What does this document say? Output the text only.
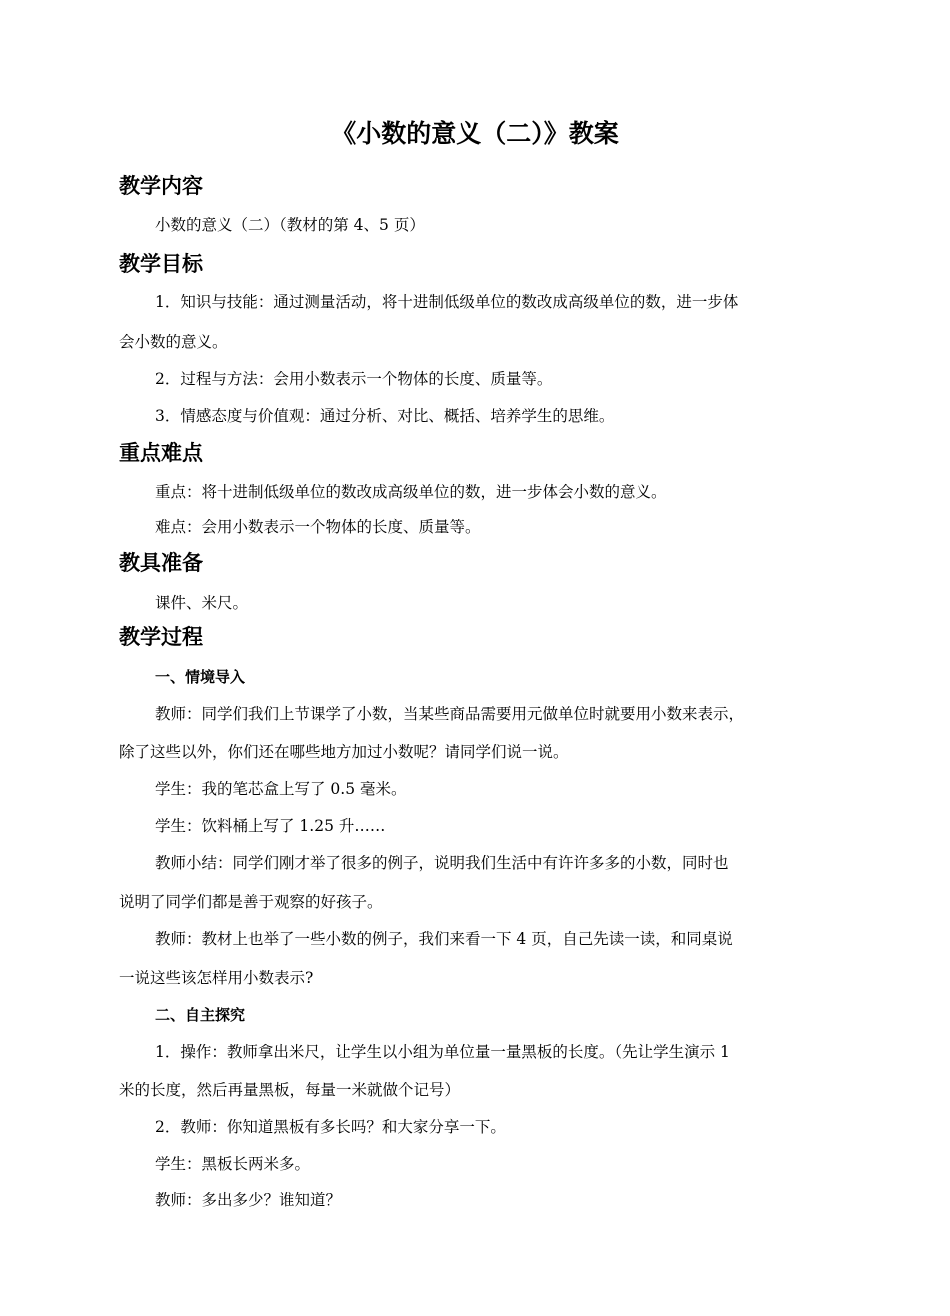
《小数的意义（二）》教案
教学内容
小数的意义（二）（教材的第 4、5 页）
教学目标
1．知识与技能：通过测量活动，将十进制低级单位的数改成高级单位的数，进一步体
会小数的意义。
2．过程与方法：会用小数表示一个物体的长度、质量等。
3．情感态度与价值观：通过分析、对比、概括、培养学生的思维。
重点难点
重点：将十进制低级单位的数改成高级单位的数，进一步体会小数的意义。
难点：会用小数表示一个物体的长度、质量等。
教具准备
课件、米尺。
教学过程
一、情境导入
教师：同学们我们上节课学了小数，当某些商品需要用元做单位时就要用小数来表示，
除了这些以外，你们还在哪些地方加过小数呢？请同学们说一说。
学生：我的笔芯盒上写了 0.5 毫米。
学生：饮料桶上写了 1.25 升……
教师小结：同学们刚才举了很多的例子，说明我们生活中有许许多多的小数，同时也
说明了同学们都是善于观察的好孩子。
教师：教材上也举了一些小数的例子，我们来看一下 4 页，自己先读一读，和同桌说
一说这些该怎样用小数表示?
二、自主探究
1．操作：教师拿出米尺，让学生以小组为单位量一量黑板的长度。（先让学生演示 1
米的长度，然后再量黑板，每量一米就做个记号）
2．教师：你知道黑板有多长吗？和大家分享一下。
学生：黑板长两米多。
教师：多出多少？谁知道？
